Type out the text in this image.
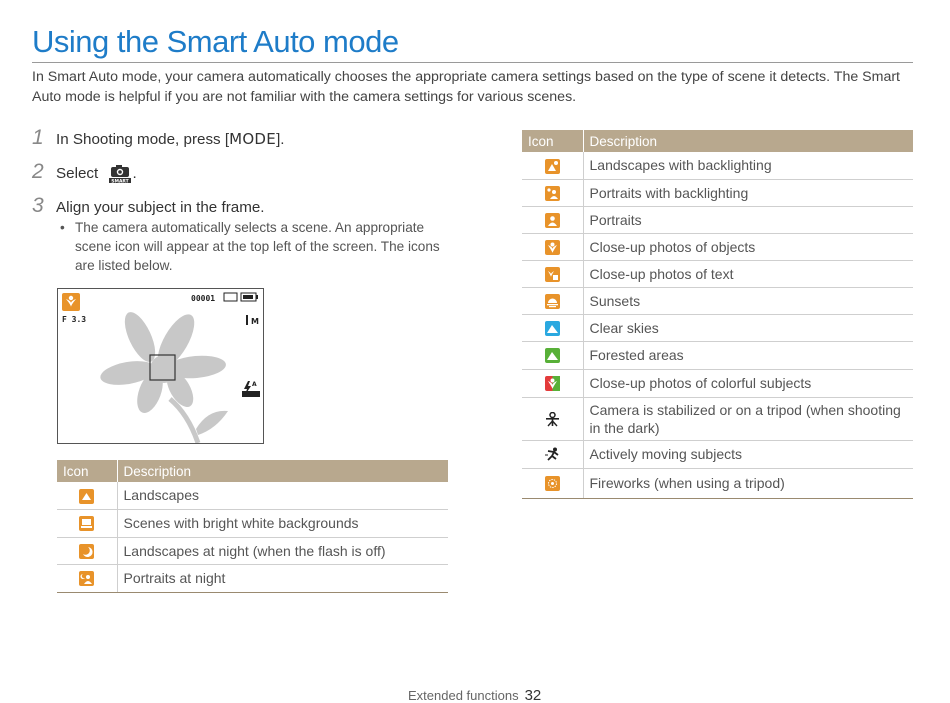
Using the Smart Auto mode
In Smart Auto mode, your camera automatically chooses the appropriate camera settings based on the type of scene it detects. The Smart Auto mode is helpful if you are not familiar with the camera settings for various scenes.
1 In Shooting mode, press [MODE].
2 Select	SMART .
3 Align your subject in the frame.
• The camera automatically selects a scene. An appropriate scene icon will appear at the top left of the screen. The icons are listed below.
00001
F 3.3	M
A
Icon	Description

	Landscapes

	Scenes with bright white backgrounds

	Landscapes at night (when the flash is off)

	Portraits at night
Icon	Description

	Landscapes with backlighting

	Portraits with backlighting

	Portraits

	Close-up photos of objects

	Close-up photos of text

	Sunsets

	Clear skies

	Forested areas

	Close-up photos of colorful subjects

	Camera is stabilized or on a tripod (when shooting in the dark)

	Actively moving subjects

	Fireworks (when using a tripod)
Extended functions 32
